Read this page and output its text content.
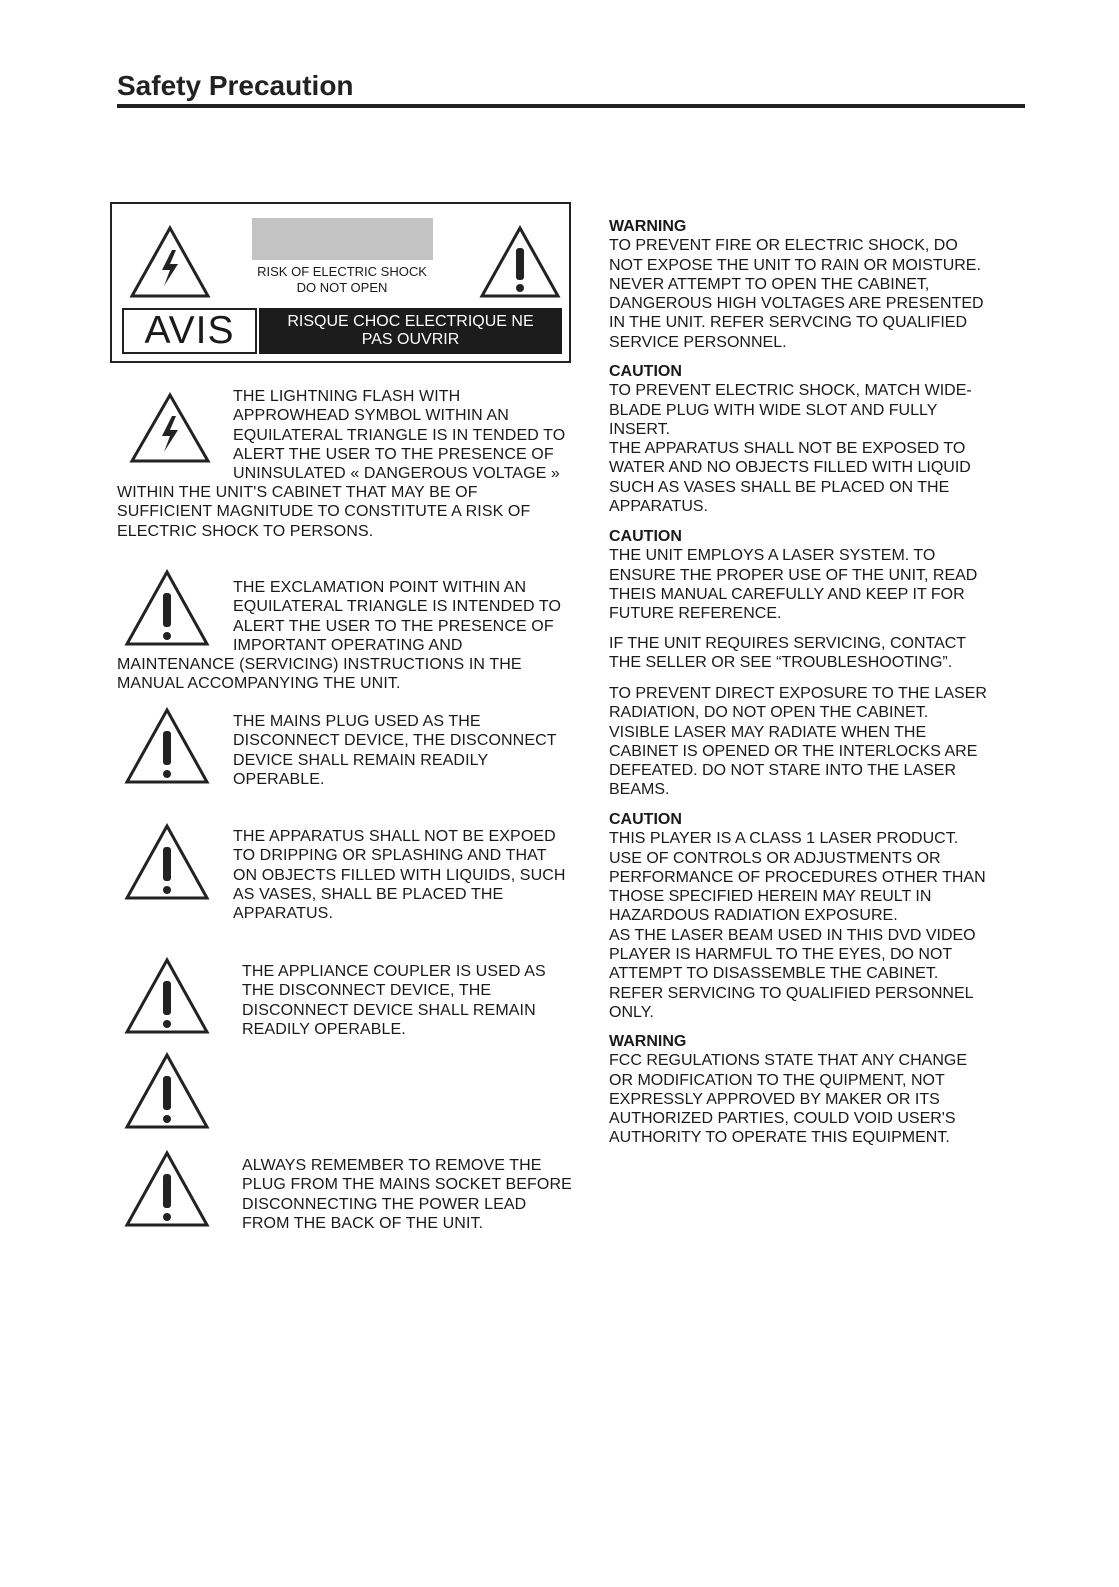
Safety Precaution
RISK OF ELECTRIC SHOCK
DO NOT OPEN
AVIS	RISQUE CHOC ELECTRIQUE NE
PAS OUVRIR
THE LIGHTNING FLASH WITH
APPROWHEAD SYMBOL WITHIN AN
EQUILATERAL TRIANGLE IS IN TENDED TO
ALERT THE USER TO THE PRESENCE OF
UNINSULATED « DANGEROUS VOLTAGE »
WITHIN THE UNIT'S CABINET THAT MAY BE OF
SUFFICIENT MAGNITUDE TO CONSTITUTE A RISK OF
ELECTRIC SHOCK TO PERSONS.
THE EXCLAMATION POINT WITHIN AN
EQUILATERAL TRIANGLE IS INTENDED TO
ALERT THE USER TO THE PRESENCE OF
IMPORTANT OPERATING AND
MAINTENANCE (SERVICING) INSTRUCTIONS IN THE
MANUAL ACCOMPANYING THE UNIT.
THE MAINS PLUG USED AS THE
DISCONNECT DEVICE, THE DISCONNECT
DEVICE SHALL REMAIN READILY
OPERABLE.
THE APPARATUS SHALL NOT BE EXPOED
TO DRIPPING OR SPLASHING AND THAT
ON OBJECTS FILLED WITH LIQUIDS, SUCH
AS VASES, SHALL BE PLACED THE
APPARATUS.
THE APPLIANCE COUPLER IS USED AS
THE DISCONNECT DEVICE, THE
DISCONNECT DEVICE SHALL REMAIN
READILY OPERABLE.
ALWAYS REMEMBER TO REMOVE THE
PLUG FROM THE MAINS SOCKET BEFORE
DISCONNECTING THE POWER LEAD
FROM THE BACK OF THE UNIT.
WARNING
TO PREVENT FIRE OR ELECTRIC SHOCK, DO
NOT EXPOSE THE UNIT TO RAIN OR MOISTURE.
NEVER ATTEMPT TO OPEN THE CABINET,
DANGEROUS HIGH VOLTAGES ARE PRESENTED
IN THE UNIT. REFER SERVCING TO QUALIFIED
SERVICE PERSONNEL.
CAUTION
TO PREVENT ELECTRIC SHOCK, MATCH WIDE-
BLADE PLUG WITH WIDE SLOT AND FULLY
INSERT.
THE APPARATUS SHALL NOT BE EXPOSED TO
WATER AND NO OBJECTS FILLED WITH LIQUID
SUCH AS VASES SHALL BE PLACED ON THE
APPARATUS.
CAUTION
THE UNIT EMPLOYS A LASER SYSTEM. TO
ENSURE THE PROPER USE OF THE UNIT, READ
THEIS MANUAL CAREFULLY AND KEEP IT FOR
FUTURE REFERENCE.
IF THE UNIT REQUIRES SERVICING, CONTACT
THE SELLER OR SEE “TROUBLESHOOTING”.
TO PREVENT DIRECT EXPOSURE TO THE LASER
RADIATION, DO NOT OPEN THE CABINET.
VISIBLE LASER MAY RADIATE WHEN THE
CABINET IS OPENED OR THE INTERLOCKS ARE
DEFEATED. DO NOT STARE INTO THE LASER
BEAMS.
CAUTION
THIS PLAYER IS A CLASS 1 LASER PRODUCT.
USE OF CONTROLS OR ADJUSTMENTS OR
PERFORMANCE OF PROCEDURES OTHER THAN
THOSE SPECIFIED HEREIN MAY REULT IN
HAZARDOUS RADIATION EXPOSURE.
AS THE LASER BEAM USED IN THIS DVD VIDEO
PLAYER IS HARMFUL TO THE EYES, DO NOT
ATTEMPT TO DISASSEMBLE THE CABINET.
REFER SERVICING TO QUALIFIED PERSONNEL
ONLY.
WARNING
FCC REGULATIONS STATE THAT ANY CHANGE
OR MODIFICATION TO THE QUIPMENT, NOT
EXPRESSLY APPROVED BY MAKER OR ITS
AUTHORIZED PARTIES, COULD VOID USER'S
AUTHORITY TO OPERATE THIS EQUIPMENT.
